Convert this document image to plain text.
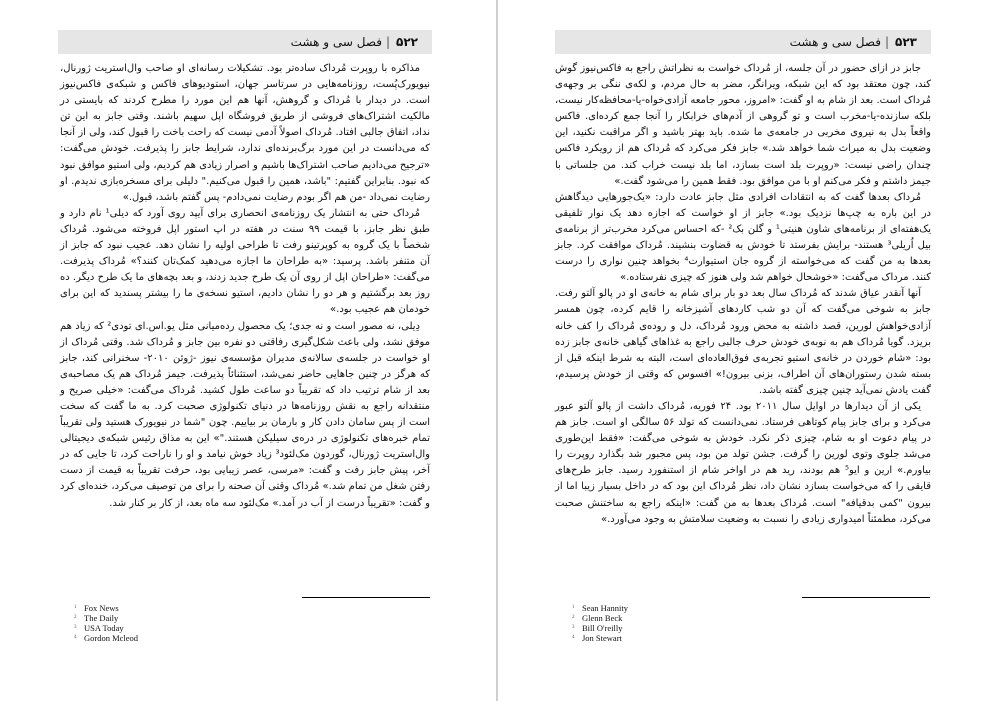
۵۲۲
|
فصل سی و هشت

مذاکره با روپرت مُرداک ساده‌تر بود. تشکیلات رسانه‌ای او صاحب وال‌استریت ژورنال، نیویورک‌پُست، روزنامه‌هایی در سرتاسر جهان، استودیوهای فاکس و شبکه‌ی فاکس‌نیوز است. در دیدار با مُرداک و گروهش، آنها هم این مورد را مطرح کردند که بایستی در مالکیت اشتراک‌های فروشی از طریق فروشگاه اپل سهیم باشند. وقتی جابز به این تن نداد، اتفاق جالبی افتاد. مُرداک اصولاً آدمی نیست که راحت باخت را قبول کند، ولی از آنجا که می‌دانست در این مورد برگ‌برنده‌ای ندارد، شرایط جابز را پذیرفت. خودش می‌گفت: «ترجیح می‌دادیم صاحب اشتراک‌ها باشیم و اصرار زیادی هم کردیم، ولی استیو موافق نبود که نبود. بنابراین گفتیم: "باشد، همین را قبول می‌کنیم." دلیلی برای مسخره‌بازی ندیدم. او رضایت نمی‌داد -من هم اگر بودم رضایت نمی‌دادم- پس گفتم باشد، قبول.»

مُرداک حتی به انتشار یک روزنامه‌ی انحصاری برای آیپد روی آورد که دیلی¹ نام دارد و طبق نظر جابز، با قیمت ۹۹ سنت در هفته در اپ استور اپل فروخته می‌شود. مُرداک شخصاً با یک گروه به کوپرتینو رفت تا طراحی اولیه را نشان دهد. عجیب نبود که جابز از آن متنفر باشد. پرسید: «به طراحان ما اجازه می‌دهید کمک‌تان کنند؟» مُرداک پذیرفت. می‌گفت: «طراحان اپل از روی آن یک طرح جدید زدند، و بعد بچه‌های ما یک طرح دیگر. ده روز بعد برگشتیم و هر دو را نشان دادیم، استیو نسخه‌ی ما را بیشتر پسندید که این برای خودمان هم عجیب بود.»

دِیلی، نه مصور است و نه جدی؛ یک محصول رده‌میانی مثل یو.اس.ای تودی² که زیاد هم موفق نشد، ولی باعث شکل‌گیری رفاقتی دو نفره بین جابز و مُرداک شد. وقتی مُرداک از او خواست در جلسه‌ی سالانه‌ی مدیران مؤسسه‌ی نیوز -ژوئن ۲۰۱۰- سخنرانی کند، جابز که هرگز در چنین جاهایی حاضر نمی‌شد، استثنائاً پذیرفت. جیمز مُرداک هم یک مصاحبه‌ی بعد از شام ترتیب داد که تقریباً دو ساعت طول کشید. مُرداک می‌گفت: «خیلی صریح و منتقدانه راجع به نقش روزنامه‌ها در دنیای تکنولوژی صحبت کرد. به ما گفت که سخت است از پس سامان دادن کار و بارمان بر بیاییم. چون "شما در نیویورک هستید ولی تقریباً تمام خبره‌های تکنولوژی در دره‌ی سیلیکن هستند."» این به مذاق رئیس شبکه‌ی دیجیتالی وال‌استریت ژورنال، گوردون مک‌لئود³ زیاد خوش نیامد و او را ناراحت کرد، تا جایی که در آخر، پیش جابز رفت و گفت: «مرسی، عصر زیبایی بود، حرفت تقریباً به قیمت از دست رفتن شغل من تمام شد.» مُرداک وقتی آن صحنه را برای من توصیف می‌کرد، خنده‌ای کرد و گفت: «تقریباً درست از آب در آمد.» مک‌لئود سه ماه بعد، از کار بر کنار شد.

$^1$ Fox News
$^2$ The Daily
$^3$ USA Today
$^4$ Gordon Mcleod
۵۲۳
|
فصل سی و هشت

جابز در ازای حضور در آن جلسه، از مُرداک خواست به نظراتش راجع به فاکس‌نیوز گوش کند، چون معتقد بود که این شبکه، ویرانگر، مضر به حال مردم، و لکه‌ی ننگی بر وجهه‌ی مُرداک است. بعد از شام به او گفت: «امروز، محور جامعه آزادی‌خواه-یا-محافظه‌کار نیست، بلکه سازنده-یا-مخرب است و تو گروهی از آدم‌های خرابکار را آنجا جمع کرده‌ای. فاکس واقعاً بدل به نیروی مخربی در جامعه‌ی ما شده. باید بهتر باشید و اگر مراقبت نکنید، این وضعیت بدل به میراث شما خواهد شد.» جابز فکر می‌کرد که مُرداک هم از رویکرد فاکس چندان راضی نیست: «روپرت بلد است بسازد، اما بلد نیست خراب کند. من جلساتی با جیمز داشتم و فکر می‌کنم او با من موافق بود. فقط همین را می‌شود گفت.»

مُرداک بعدها گفت که به انتقادات افرادی مثل جابز عادت دارد: «یک‌جورهایی دیدگاهش در این باره به چپ‌ها نزدیک بود.» جابز از او خواست که اجازه دهد یک نوار تلفیقی یک‌هفته‌ای از برنامه‌های شاون هنیتی¹ و گلن بک² -که احساس می‌کرد مخرب‌تر از برنامه‌ی بیل اُریلی³ هستند- برایش بفرستد تا خودش به قضاوت بنشیند. مُرداک موافقت کرد. جابز بعدها به من گفت که می‌خواسته از گروه جان استیوارت⁴ بخواهد چنین نواری را درست کنند. مرداک می‌گفت: «خوشحال خواهم شد ولی هنوز که چیزی نفرستاده.»

آنها آنقدر عیاق شدند که مُرداک سال بعد دو بار برای شام به خانه‌ی او در پالو آلتو رفت. جابز به شوخی می‌گفت که آن دو شب کاردهای آشپزخانه را قایم کرده، چون همسر آزادی‌خواهش لورین، قصد داشته به محض ورود مُرداک، دل و روده‌ی مُرداک را کف خانه بریزد. گویا مُرداک هم به نوبه‌ی خودش حرف جالبی راجع به غذاهای گیاهی خانه‌ی جابز زده بود: «شام خوردن در خانه‌ی استیو تجربه‌ی فوق‌العاده‌ای است، البته به شرط اینکه قبل از بسته شدن رستوران‌های آن اطراف، بزنی بیرون!» افسوس که وقتی از خودش پرسیدم، گفت یادش نمی‌آید چنین چیزی گفته باشد.

یکی از آن دیدارها در اوایل سال ۲۰۱۱ بود. ۲۴ فوریه، مُرداک داشت از پالو آلتو عبور می‌کرد و برای جابز پیام کوتاهی فرستاد. نمی‌دانست که تولد ۵۶ سالگی او است. جابز هم در پیام دعوت او به شام، چیزی ذکر نکرد. خودش به شوخی می‌گفت: «فقط این‌طوری می‌شد جلوی وتوی لورین را گرفت. جشن تولد من بود، پس مجبور شد بگذارد روپرت را بیاورم.» ارین و ایو⁵ هم بودند، رید هم در اواخر شام از استنفورد رسید. جابز طرح‌های قایقی را که می‌خواست بسازد نشان داد، نظر مُرداک این بود که در داخل بسیار زیبا اما از بیرون "کمی بدقیافه" است. مُرداک بعدها به من گفت: «اینکه راجع به ساختنش صحبت می‌کرد، مطمئناً امیدواری زیادی را نسبت به وضعیت سلامتش به وجود می‌آورد.»

$^1$ Sean Hannity
$^2$ Glenn Beck
$^3$ Bill O'reilly
$^4$ Jon Stewart
